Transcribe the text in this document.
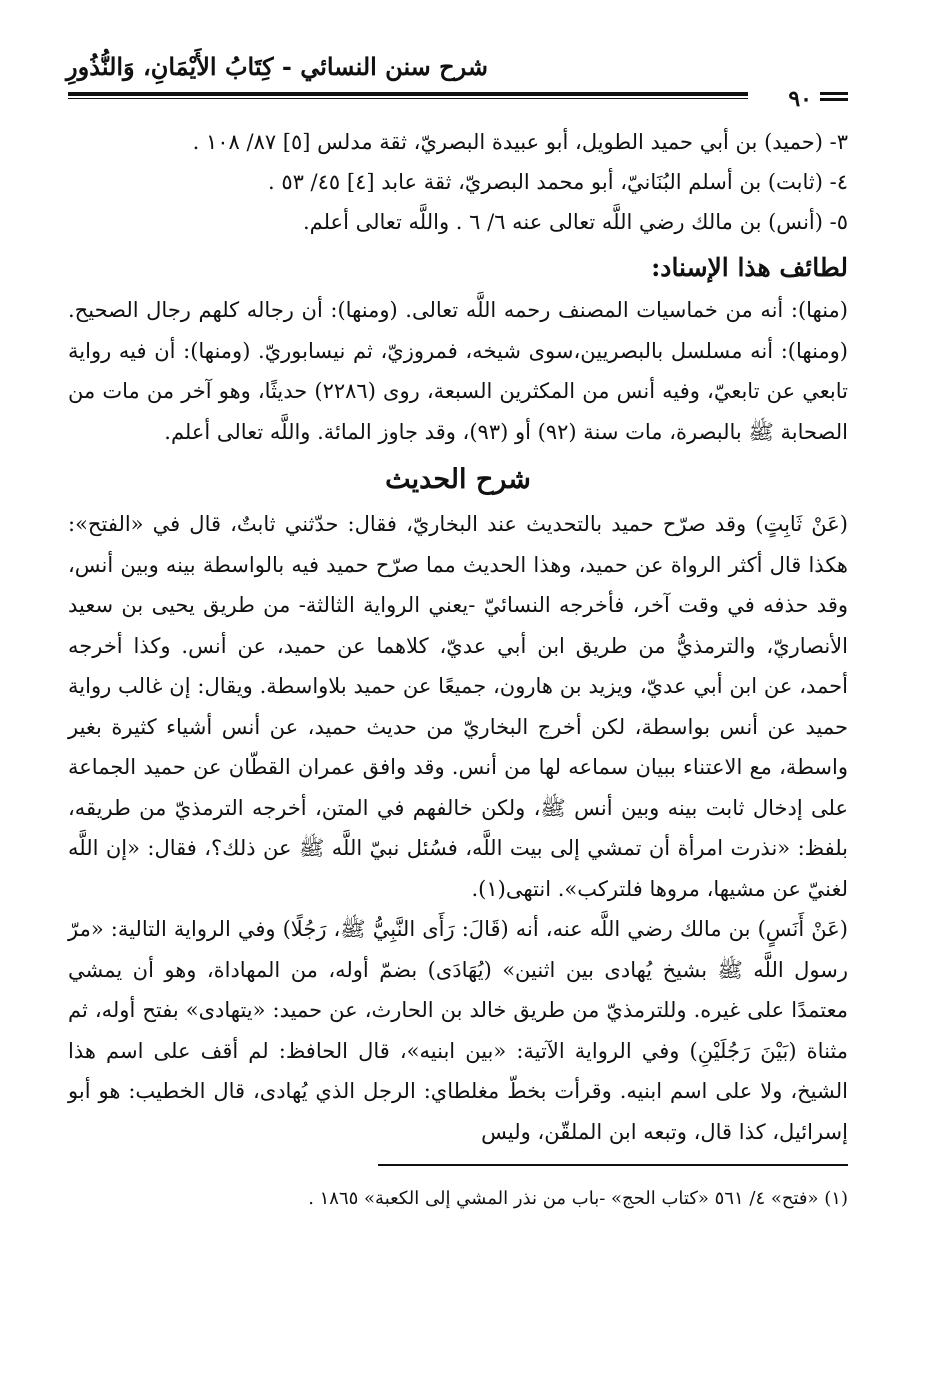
شرح سنن النسائي - كِتَابُ الأَيْمَانِ، وَالنُّذُورِ
٩٠

٣- (حميد) بن أبي حميد الطويل، أبو عبيدة البصريّ، ثقة مدلس [٥] ٨٧/ ١٠٨ .

٤- (ثابت) بن أسلم البُنَانيّ، أبو محمد البصريّ، ثقة عابد [٤] ٤٥/ ٥٣ .

٥- (أنس) بن مالك رضي اللَّه تعالى عنه ٦/ ٦ . واللَّه تعالى أعلم.

لطائف هذا الإسناد:

(منها): أنه من خماسيات المصنف رحمه اللَّه تعالى. (ومنها): أن رجاله كلهم رجال الصحيح. (ومنها): أنه مسلسل بالبصريين،سوى شيخه، فمروزيّ، ثم نيسابوريّ. (ومنها): أن فيه رواية تابعي عن تابعيّ، وفيه أنس من المكثرين السبعة، روى (٢٢٨٦) حديثًا، وهو آخر من مات من الصحابة ﷺ بالبصرة، مات سنة (٩٢) أو (٩٣)، وقد جاوز المائة. واللَّه تعالى أعلم.

شرح الحديث

(عَنْ ثَابِتٍ) وقد صرّح حميد بالتحديث عند البخاريّ، فقال: حدّثني ثابتٌ، قال في «الفتح»: هكذا قال أكثر الرواة عن حميد، وهذا الحديث مما صرّح حميد فيه بالواسطة بينه وبين أنس، وقد حذفه في وقت آخر، فأخرجه النسائيّ -يعني الرواية الثالثة- من طريق يحيى بن سعيد الأنصاريّ، والترمذيُّ من طريق ابن أبي عديّ، كلاهما عن حميد، عن أنس. وكذا أخرجه أحمد، عن ابن أبي عديّ، ويزيد بن هارون، جميعًا عن حميد بلاواسطة. ويقال: إن غالب رواية حميد عن أنس بواسطة، لكن أخرج البخاريّ من حديث حميد، عن أنس أشياء كثيرة بغير واسطة، مع الاعتناء ببيان سماعه لها من أنس. وقد وافق عمران القطّان عن حميد الجماعة على إدخال ثابت بينه وبين أنس ﷺ، ولكن خالفهم في المتن، أخرجه الترمذيّ من طريقه، بلفظ: «نذرت امرأة أن تمشي إلى بيت اللَّه، فسُئل نبيّ اللَّه ﷺ عن ذلك؟، فقال: «إن اللَّه لغنيّ عن مشيها، مروها فلتركب». انتهى(١).

(عَنْ أَنَسٍ) بن مالك رضي اللَّه عنه، أنه (قَالَ: رَأَى النَّبِيُّ ﷺ، رَجُلًا) وفي الرواية التالية: «مرّ رسول اللَّه ﷺ بشيخ يُهادى بين اثنين» (يُهَادَى) بضمّ أوله، من المهاداة، وهو أن يمشي معتمدًا على غيره. وللترمذيّ من طريق خالد بن الحارث، عن حميد: «يتهادى» بفتح أوله، ثم مثناة (بَيْنَ رَجُلَيْنِ) وفي الرواية الآتية: «بين ابنيه»، قال الحافظ: لم أقف على اسم هذا الشيخ، ولا على اسم ابنيه. وقرأت بخطّ مغلطاي: الرجل الذي يُهادى، قال الخطيب: هو أبو إسرائيل، كذا قال، وتبعه ابن الملقّن، وليس

(١) «فتح» ٤/ ٥٦١ «كتاب الحج» -باب من نذر المشي إلى الكعبة» ١٨٦٥ .
